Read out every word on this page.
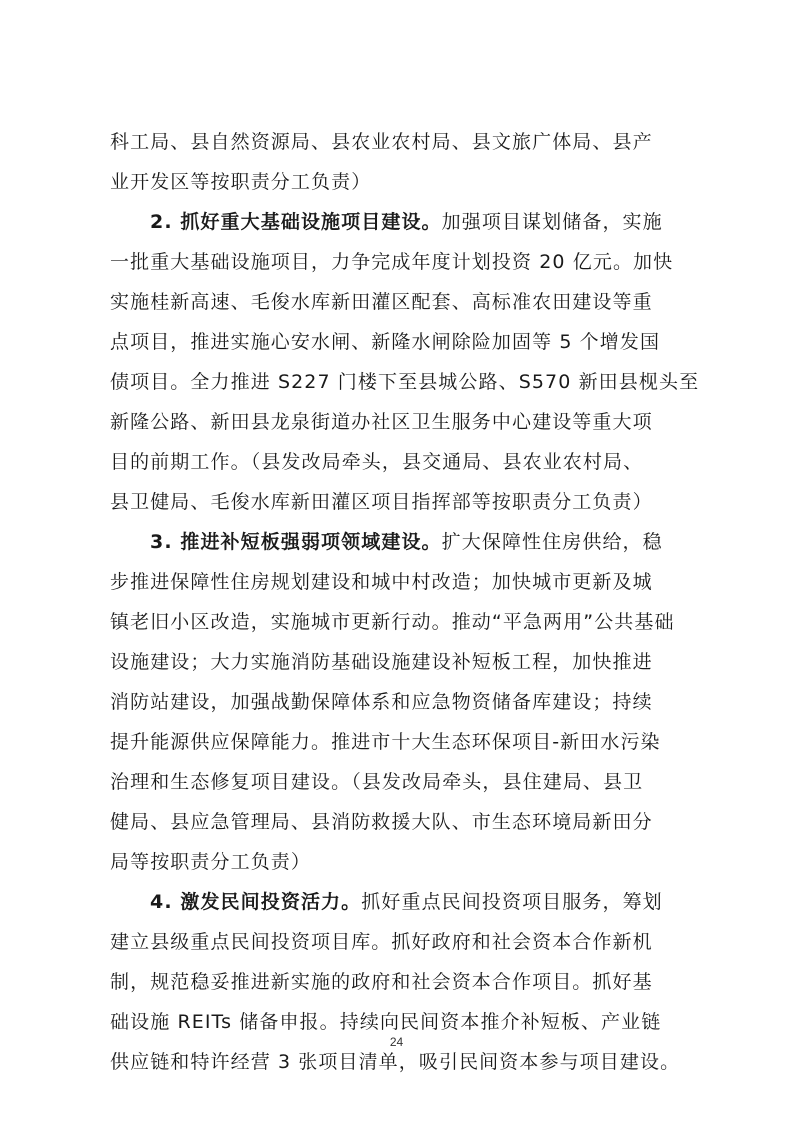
科工局、县自然资源局、县农业农村局、县文旅广体局、县产
业开发区等按职责分工负责）
2. 抓好重大基础设施项目建设。加强项目谋划储备，实施
一批重大基础设施项目，力争完成年度计划投资 20 亿元。加快
实施桂新高速、毛俊水库新田灌区配套、高标准农田建设等重
点项目，推进实施心安水闸、新隆水闸除险加固等 5 个增发国
债项目。全力推进 S227 门楼下至县城公路、S570 新田县枧头至
新隆公路、新田县龙泉街道办社区卫生服务中心建设等重大项
目的前期工作。（县发改局牵头，县交通局、县农业农村局、
县卫健局、毛俊水库新田灌区项目指挥部等按职责分工负责）
3. 推进补短板强弱项领域建设。扩大保障性住房供给，稳
步推进保障性住房规划建设和城中村改造；加快城市更新及城
镇老旧小区改造，实施城市更新行动。推动“平急两用”公共基础
设施建设；大力实施消防基础设施建设补短板工程，加快推进
消防站建设，加强战勤保障体系和应急物资储备库建设；持续
提升能源供应保障能力。推进市十大生态环保项目-新田水污染
治理和生态修复项目建设。（县发改局牵头，县住建局、县卫
健局、县应急管理局、县消防救援大队、市生态环境局新田分
局等按职责分工负责）
4. 激发民间投资活力。抓好重点民间投资项目服务，筹划
建立县级重点民间投资项目库。抓好政府和社会资本合作新机
制，规范稳妥推进新实施的政府和社会资本合作项目。抓好基
础设施 REITs 储备申报。持续向民间资本推介补短板、产业链
供应链和特许经营 3 张项目清单，吸引民间资本参与项目建设。
24
